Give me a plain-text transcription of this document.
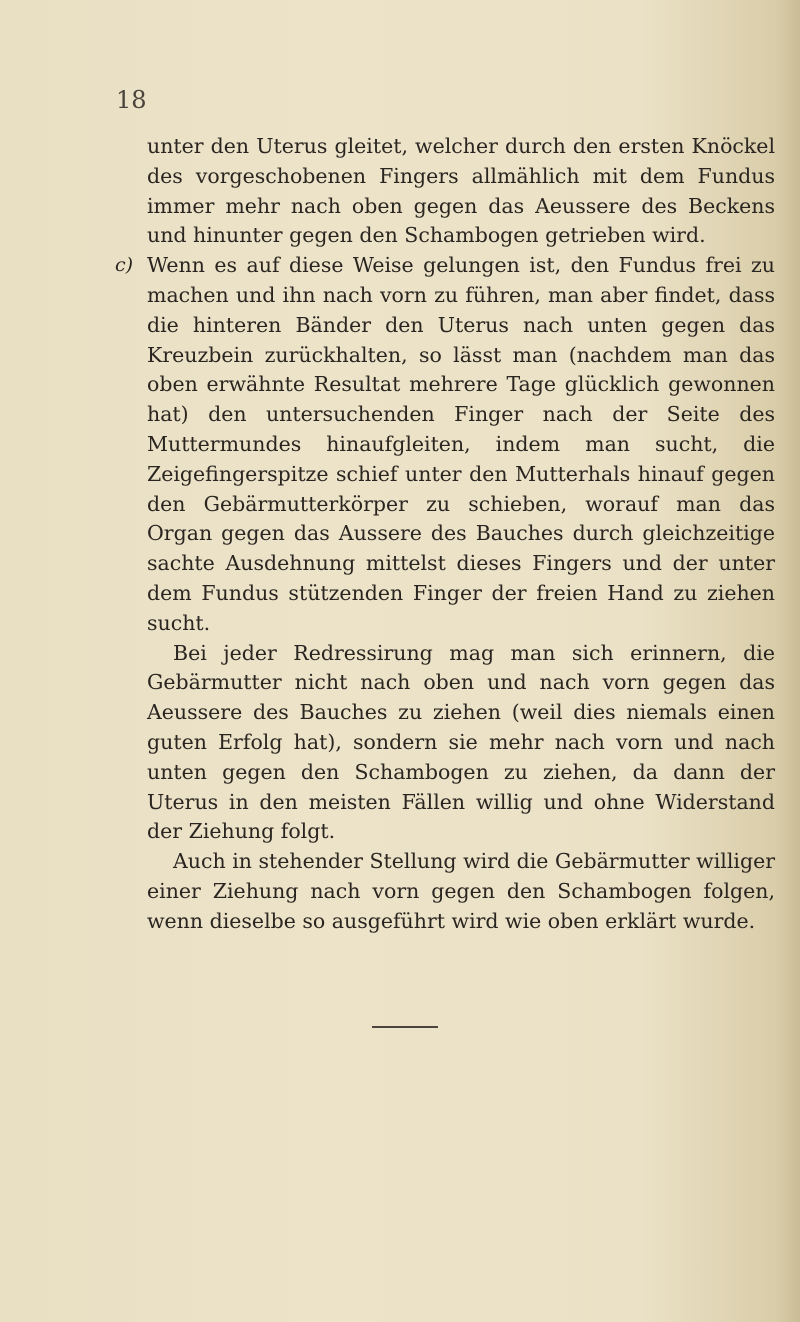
18

unter den Uterus gleitet, welcher durch den ersten Knöckel des vorgeschobenen Fingers allmählich mit dem Fundus immer mehr nach oben gegen das Aeussere des Beckens und hinunter gegen den Schambogen getrieben wird.

c) Wenn es auf diese Weise gelungen ist, den Fundus frei zu machen und ihn nach vorn zu führen, man aber findet, dass die hinteren Bänder den Uterus nach unten gegen das Kreuzbein zurückhalten, so lässt man (nachdem man das oben erwähnte Resultat mehrere Tage glücklich gewonnen hat) den untersuchenden Finger nach der Seite des Muttermundes hinaufgleiten, indem man sucht, die Zeigefingerspitze schief unter den Mutterhals hinauf gegen den Gebärmutterkörper zu schieben, worauf man das Organ gegen das Aussere des Bauches durch gleichzeitige sachte Ausdehnung mittelst dieses Fingers und der unter dem Fundus stützenden Finger der freien Hand zu ziehen sucht.

Bei jeder Redressirung mag man sich erinnern, die Gebärmutter nicht nach oben und nach vorn gegen das Aeussere des Bauches zu ziehen (weil dies niemals einen guten Erfolg hat), sondern sie mehr nach vorn und nach unten gegen den Schambogen zu ziehen, da dann der Uterus in den meisten Fällen willig und ohne Widerstand der Ziehung folgt.

Auch in stehender Stellung wird die Gebärmutter williger einer Ziehung nach vorn gegen den Schambogen folgen, wenn dieselbe so ausgeführt wird wie oben erklärt wurde.
